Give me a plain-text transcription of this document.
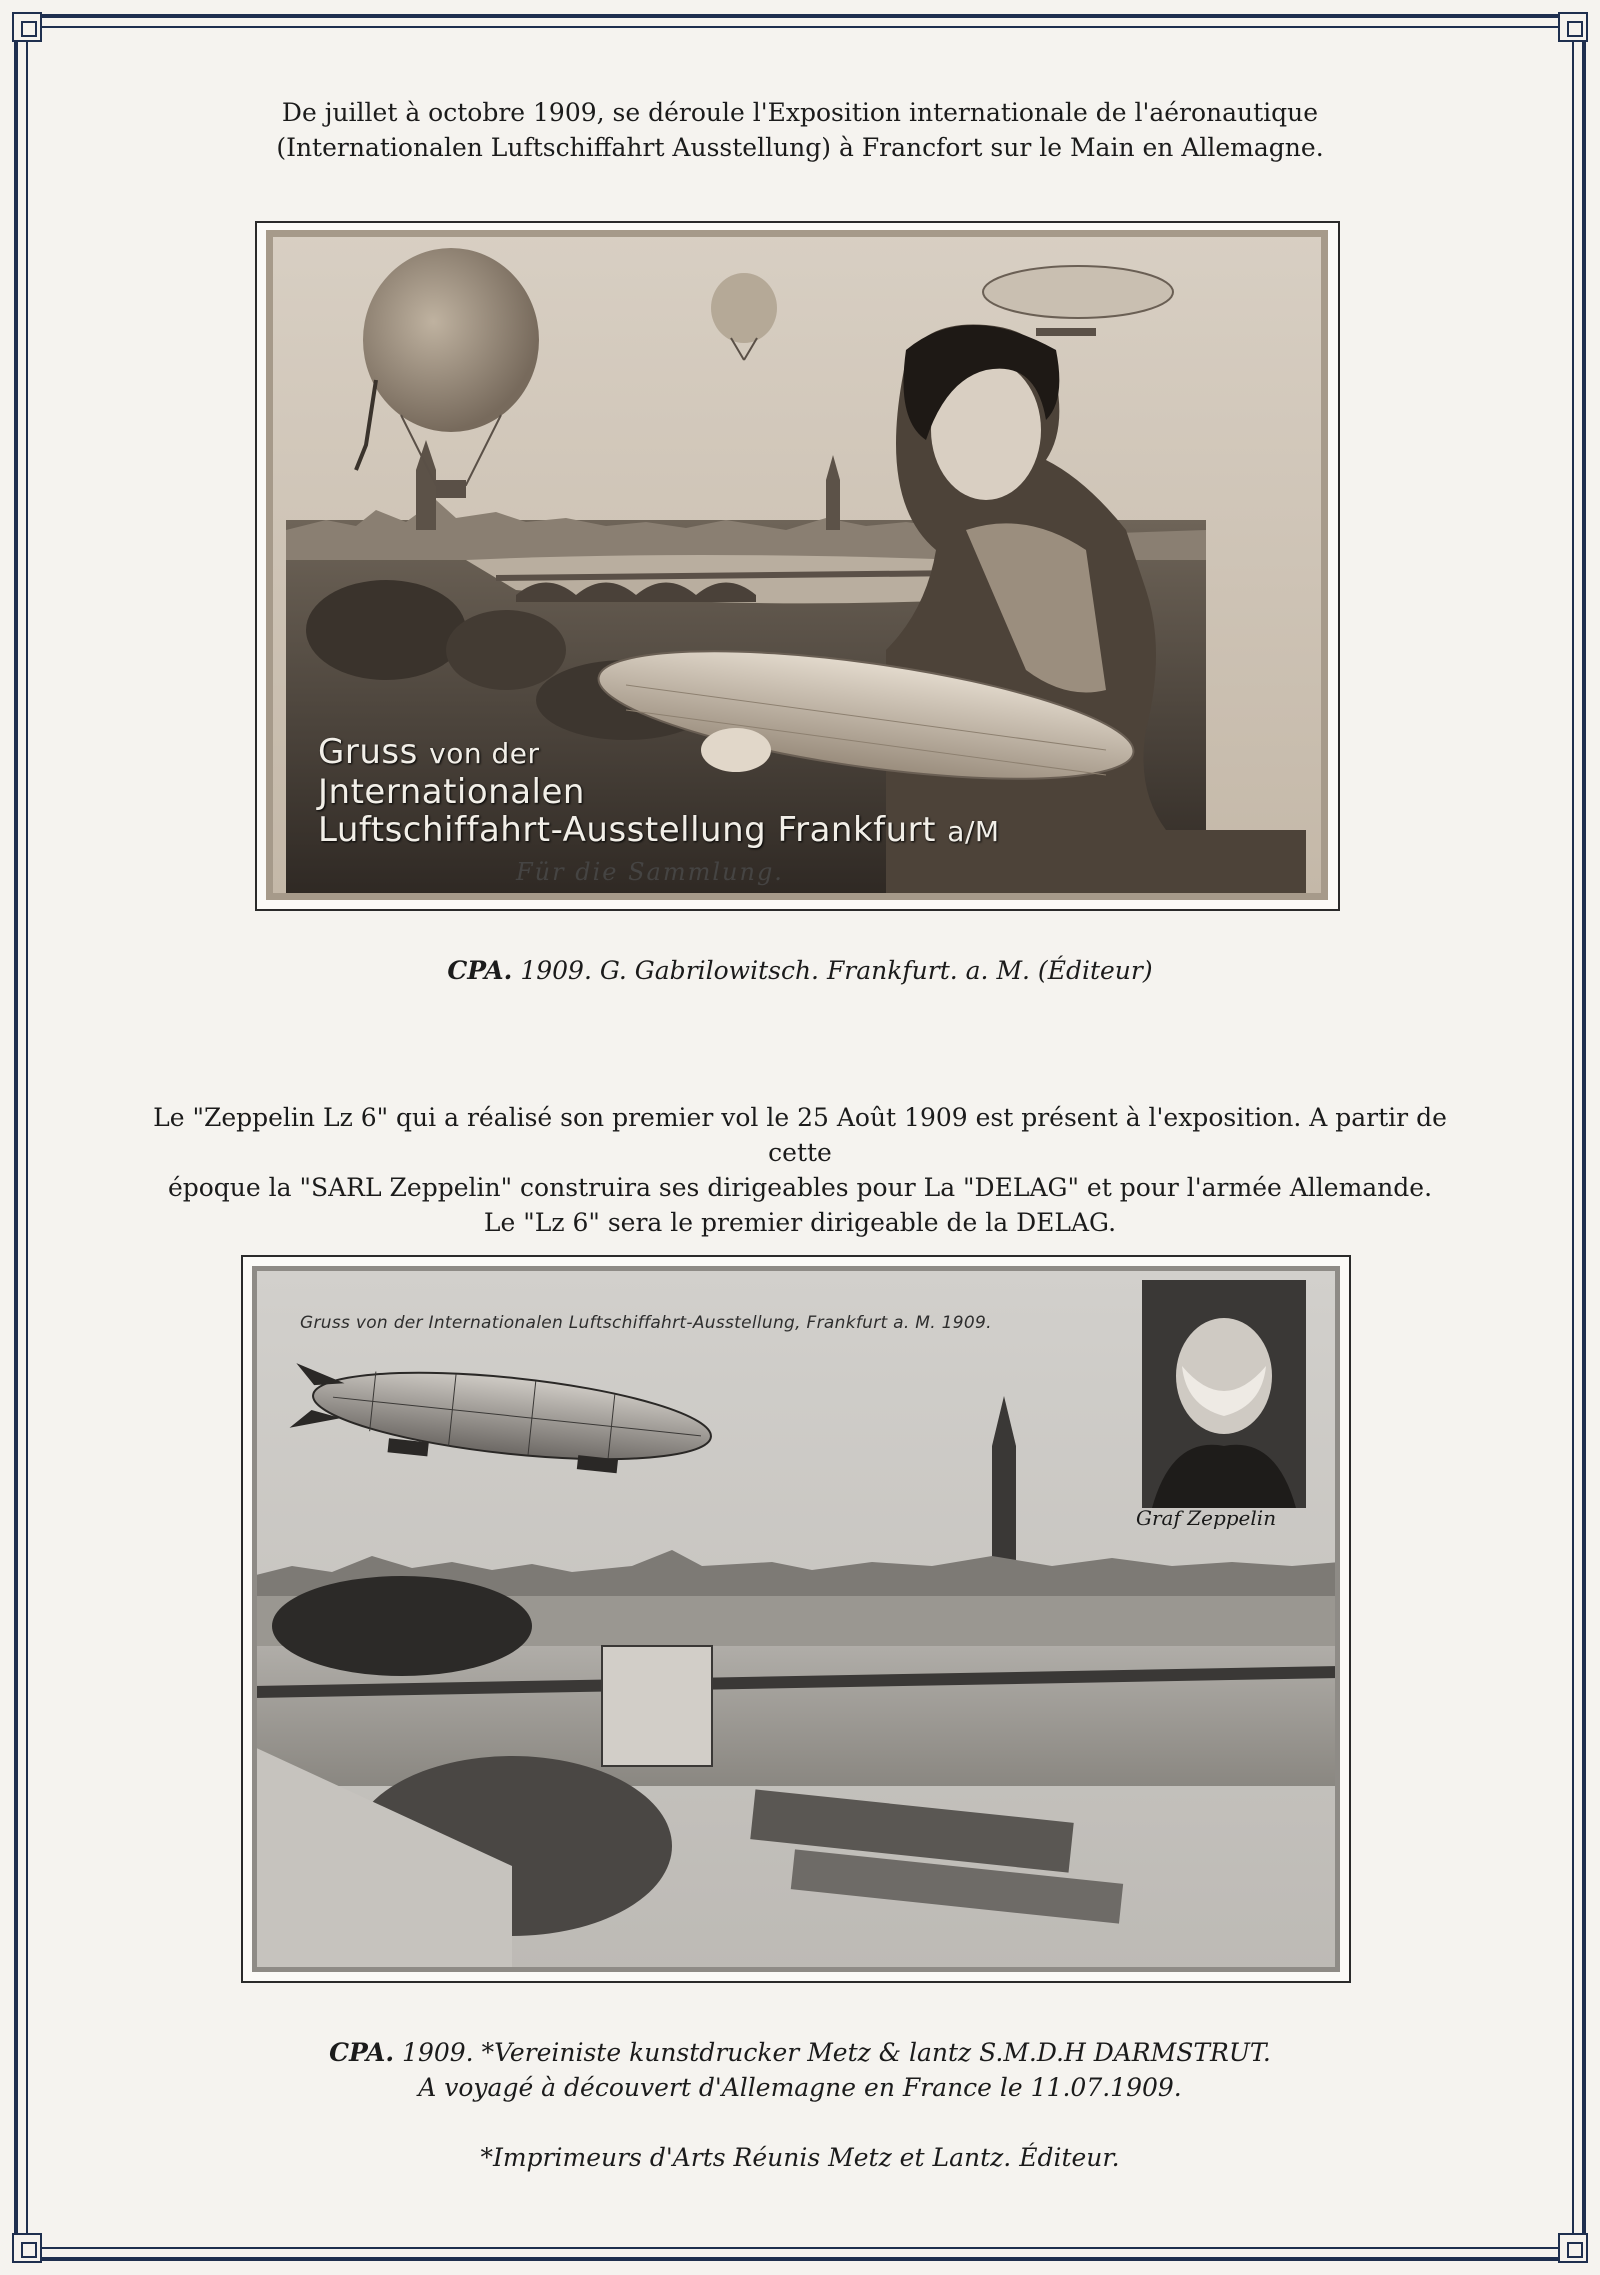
De juillet à octobre 1909, se déroule l'Exposition internationale de l'aéronautique

(Internationalen Luftschiffahrt Ausstellung) à Francfort sur le Main en Allemagne.

Gruss von der
Jnternationalen
Luftschiffahrt-Ausstellung Frankfurt a/M
Für die Sammlung.

CPA. 1909. G. Gabrilowitsch. Frankfurt. a. M. (Éditeur)

Le "Zeppelin Lz 6" qui a réalisé son premier vol le 25 Août 1909 est présent à l'exposition. A partir de cette

époque la "SARL Zeppelin" construira ses dirigeables pour La "DELAG" et pour l'armée Allemande.

Le "Lz 6" sera le premier dirigeable de la DELAG.

Gruss von der Internationalen Luftschiffahrt-Ausstellung, Frankfurt a. M. 1909.
Graf Zeppelin

CPA. 1909. *Vereiniste kunstdrucker Metz & lantz S.M.D.H DARMSTRUT.

A voyagé à découvert d'Allemagne en France le 11.07.1909.

*Imprimeurs d'Arts Réunis Metz et Lantz. Éditeur.
